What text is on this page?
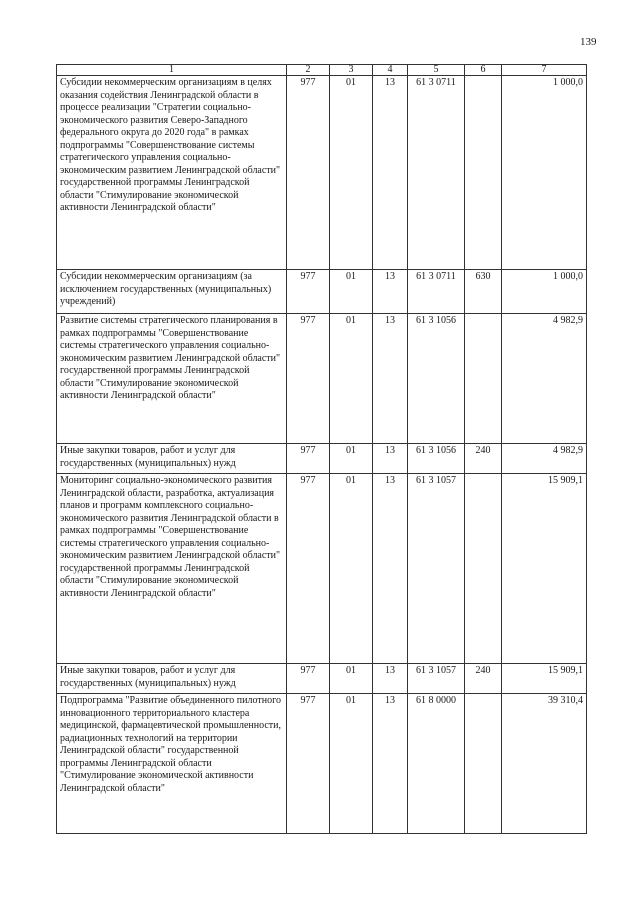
139
1	2	3	4	5	6	7
Субсидии некоммерческим организациям в целях оказания содействия Ленинградской области в процессе реализации "Стратегии социально-экономического развития Северо-Западного федерального округа до 2020 года" в рамках подпрограммы "Совершенствование системы стратегического управления социально-экономическим развитием Ленинградской области" государственной программы Ленинградской области "Стимулирование экономической активности Ленинградской области"	977	01	13	61 3 0711		1 000,0
Субсидии некоммерческим организациям (за исключением государственных (муниципальных) учреждений)	977	01	13	61 3 0711	630	1 000,0
Развитие системы стратегического планирования в рамках подпрограммы "Совершенствование системы стратегического управления социально-экономическим развитием Ленинградской области" государственной программы Ленинградской области "Стимулирование экономической активности Ленинградской области"	977	01	13	61 3 1056		4 982,9
Иные закупки товаров, работ и услуг для государственных (муниципальных) нужд	977	01	13	61 3 1056	240	4 982,9
Мониторинг социально-экономического развития Ленинградской области, разработка, актуализация планов и программ комплексного социально-экономического развития Ленинградской области в рамках подпрограммы "Совершенствование системы стратегического управления социально-экономическим развитием Ленинградской области" государственной программы Ленинградской области "Стимулирование экономической активности Ленинградской области"	977	01	13	61 3 1057		15 909,1
Иные закупки товаров, работ и услуг для государственных (муниципальных) нужд	977	01	13	61 3 1057	240	15 909,1
Подпрограмма "Развитие объединенного пилотного инновационного территориального кластера медицинской, фармацевтической промышленности, радиационных технологий на территории Ленинградской области" государственной программы Ленинградской области "Стимулирование экономической активности Ленинградской области"	977	01	13	61 8 0000		39 310,4
